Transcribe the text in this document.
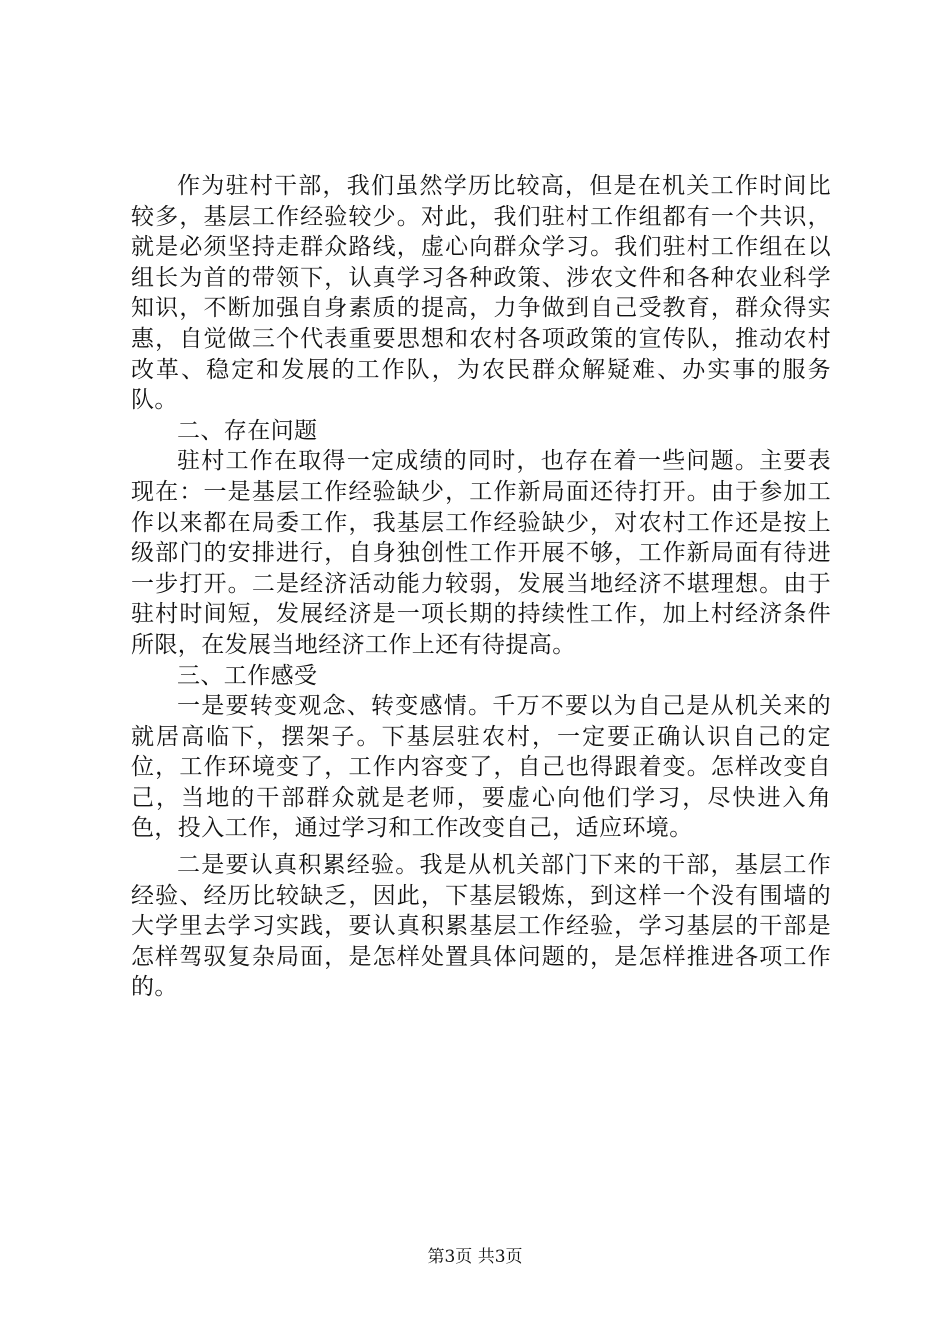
作为驻村干部，我们虽然学历比较高，但是在机关工作时间比较多，基层工作经验较少。对此，我们驻村工作组都有一个共识，就是必须坚持走群众路线，虚心向群众学习。我们驻村工作组在以组长为首的带领下，认真学习各种政策、涉农文件和各种农业科学知识，不断加强自身素质的提高，力争做到自己受教育，群众得实惠，自觉做三个代表重要思想和农村各项政策的宣传队，推动农村改革、稳定和发展的工作队，为农民群众解疑难、办实事的服务队。

二、存在问题

驻村工作在取得一定成绩的同时，也存在着一些问题。主要表现在：一是基层工作经验缺少，工作新局面还待打开。由于参加工作以来都在局委工作，我基层工作经验缺少，对农村工作还是按上级部门的安排进行，自身独创性工作开展不够，工作新局面有待进一步打开。二是经济活动能力较弱，发展当地经济不堪理想。由于驻村时间短，发展经济是一项长期的持续性工作，加上村经济条件所限，在发展当地经济工作上还有待提高。

三、工作感受

一是要转变观念、转变感情。千万不要以为自己是从机关来的就居高临下，摆架子。下基层驻农村，一定要正确认识自己的定位，工作环境变了，工作内容变了，自己也得跟着变。怎样改变自己，当地的干部群众就是老师，要虚心向他们学习，尽快进入角色，投入工作，通过学习和工作改变自己，适应环境。

二是要认真积累经验。我是从机关部门下来的干部，基层工作经验、经历比较缺乏，因此，下基层锻炼，到这样一个没有围墙的大学里去学习实践，要认真积累基层工作经验，学习基层的干部是怎样驾驭复杂局面，是怎样处置具体问题的，是怎样推进各项工作的。

第3页 共3页
